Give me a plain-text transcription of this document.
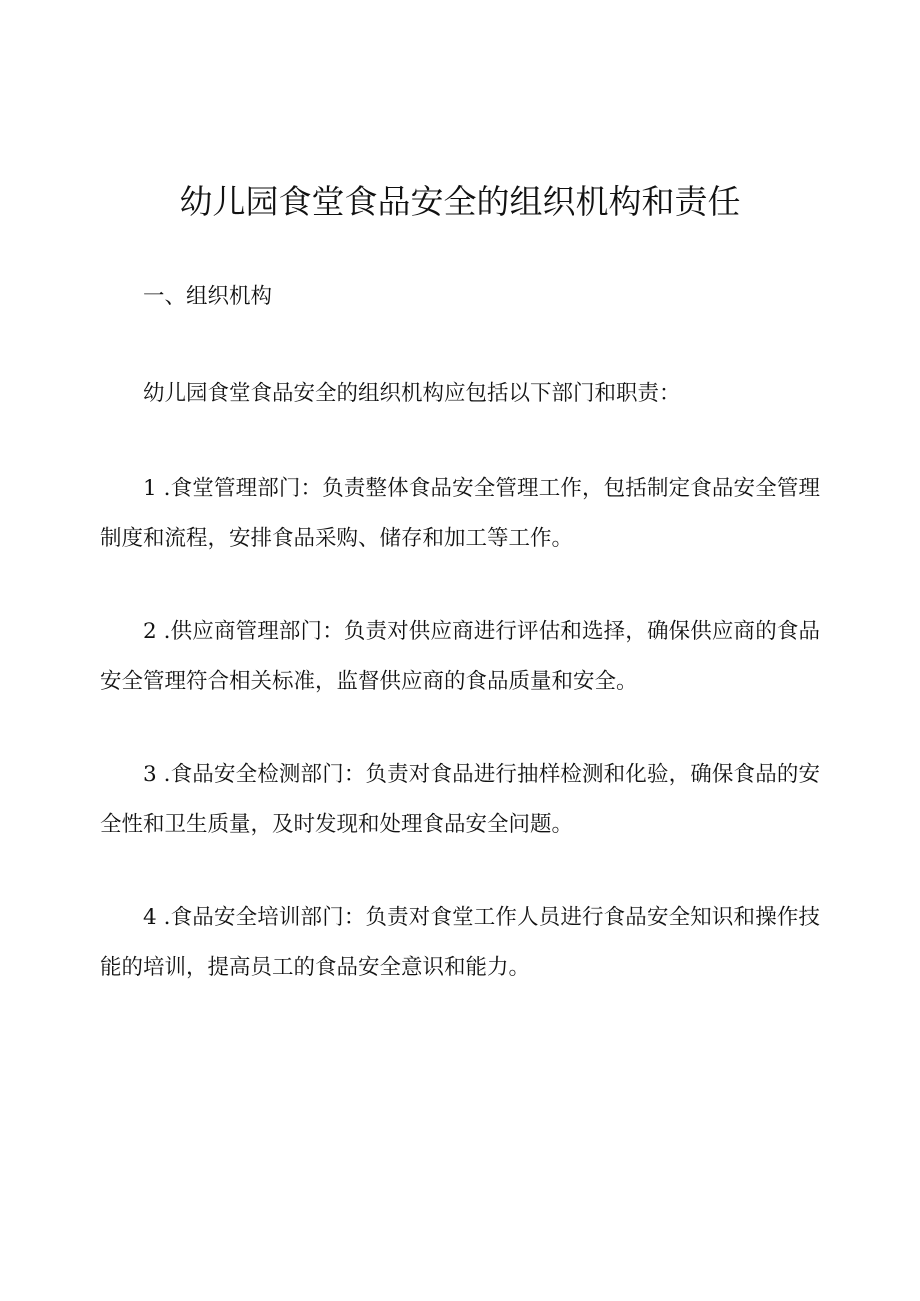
幼儿园食堂食品安全的组织机构和责任

一、组织机构

幼儿园食堂食品安全的组织机构应包括以下部门和职责：

1 .食堂管理部门：负责整体食品安全管理工作，包括制定食品安全管理制度和流程，安排食品采购、储存和加工等工作。

2 .供应商管理部门：负责对供应商进行评估和选择，确保供应商的食品安全管理符合相关标准，监督供应商的食品质量和安全。

3 .食品安全检测部门：负责对食品进行抽样检测和化验，确保食品的安全性和卫生质量，及时发现和处理食品安全问题。

4 .食品安全培训部门：负责对食堂工作人员进行食品安全知识和操作技能的培训，提高员工的食品安全意识和能力。
